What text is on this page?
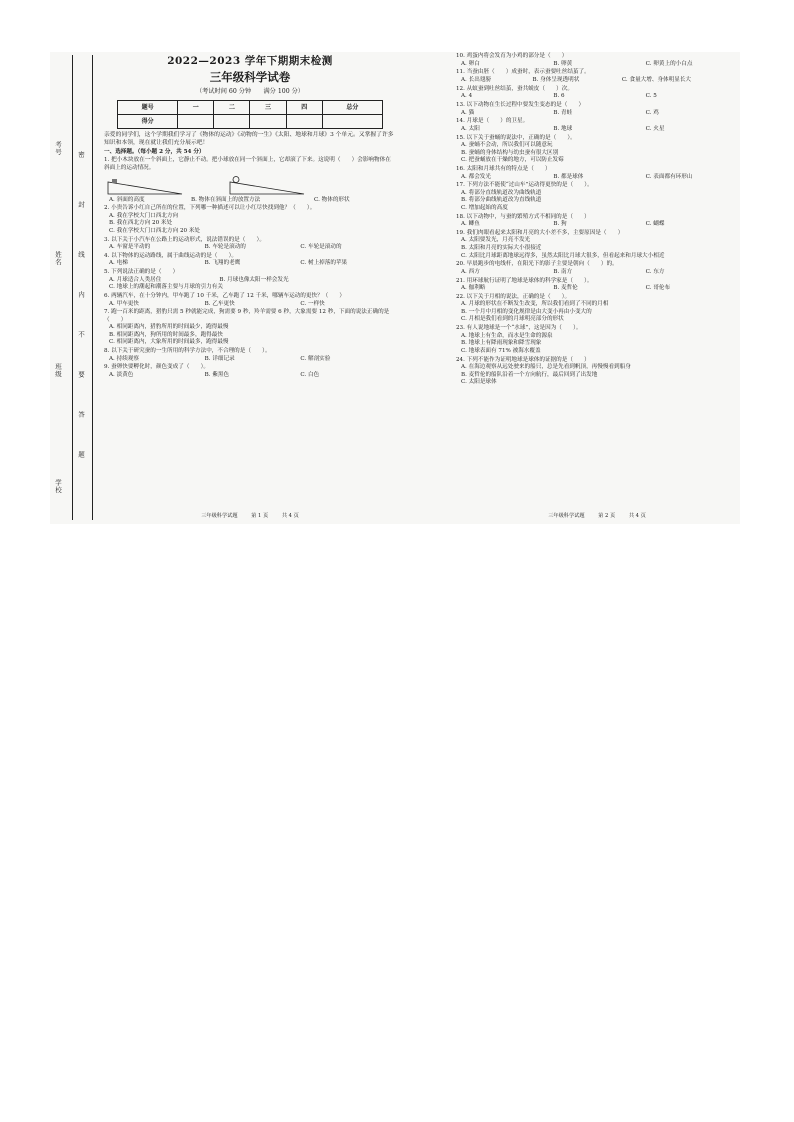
考号
姓名
班级
学校
密
封
线
内
不
要
答
题

2022—2023 学年下期期末检测

三年级科学试卷

（考试时间 60 分钟　　满分 100 分）

题号	一	二	三	四	总分
得分					

亲爱的同学们，这个学期我们学习了《物体的运动》《动物的一生》《太阳、地球和月球》3 个单元。又掌握了许多知识和本领，现在就让我们充分展示吧！

一、选择题。（每小题 2 分，共 54 分）

1. 把小木块放在一个斜面上，它静止不动。把小球放在同一个斜面上，它却滚了下来。这说明（　　）会影响物体在斜面上的运动情况。

A. 斜面的高度	B. 物体在斜面上的放置方法	C. 物体的形状

2. 小贵告诉小红自己所在的位置，下列哪一种描述可以让小红尽快找到他？（　　）。

A. 我在学校大门口西北方向

B. 我在西北方向 20 米处

C. 我在学校大门口西北方向 20 米处

3. 以下关于小汽车在公路上的运动形式，说法错误的是（　　）。

A. 车窗是平动的	B. 车轮是滚动的	C. 车轮是滚动的

4. 以下物体的运动路线，属于曲线运动的是（　　）。

A. 电梯	B. 飞翔的老鹰	C. 树上掉落的苹果

5. 下列说法正确的是（　　）

A. 月球适合人类居住	B. 月球也像太阳一样会发光

C. 地球上的潮起和潮落主要与月球的引力有关

6. 两辆汽车，在十分钟内，甲车跑了 10 千米，乙车跑了 12 千米，哪辆车运动的更快？（　　）

A. 甲车更快	B. 乙车更快	C. 一样快

7. 跑一百米的距离，猎豹只需 5 秒就能完成，狗需要 9 秒，羚羊需要 6 秒，大象需要 12 秒，下面的说法正确的是（　　）

A. 相同距离内，猎豹所用的时间最少，跑得最慢

B. 相同距离内，狗所用的时间最多，跑得最快

C. 相同距离内，大象所用的时间最多，跑得最慢

8. 以下关于研究蚕的一生所用的科学方法中，不合理的是（　　）。

A. 持续观察	B. 详细记录	C. 解剖实验

9. 蚕卵快要孵化时，颜色变成了（　　）。

A. 淡黄色	B. 紫黑色	C. 白色
三年级科学试题	第 1 页	共 4 页

10. 鸡蛋内将会发育为小鸡的部分是（　　）

A. 卵白	B. 卵黄	C. 卵黄上的小白点

11. 当蚕由胚（　　）成蚕时，表示蚕要吐丝结茧了。

A. 长出翅膀	B. 身体呈现透明状	C. 食量大增、身体明显长大

12. 从蚁蚕到吐丝结茧，蚕共蜕皮（　　）次。

A. 4	B. 6	C. 5

13. 以下动物在生长过程中要发生变态的是（　　）

A. 猫	B. 青蛙	C. 鸡

14. 月球是（　　）的卫星。

A. 太阳	B. 地球	C. 火星

15. 以下关于蚕蛹的说法中，正确的是（　　）。

A. 蚕蛹不会动，所以我们可以随意玩

B. 蚕蛹的身体结构与幼虫蚕有很大区别

C. 把蚕蛹放在干燥的地方，可以防止发霉

16. 太阳和月球共有的特点是（　　）

A. 都会发光	B. 都是球体	C. 表面都有环形山

17. 下列方法不能使“过山车”运动得更快的是（　　）。

A. 将部分直线轨道改为曲线轨道

B. 将部分曲线轨道改为直线轨道

C. 增加起始的高度

18. 以下动物中，与蚕的繁殖方式不相同的是（　　）

A. 鲫鱼	B. 狗	C. 蝴蝶

19. 我们肉眼看起来太阳和月亮的大小差不多，主要原因是（　　）

A. 太阳要发光，月亮不发光

B. 太阳和月亮的实际大小很接近

C. 太阳比月球距离地球远得多，虽然太阳比月球大很多，但看起来和月球大小相近

20. 早晨跑步的电线杆，在阳光下的影子主要是朝向（　　）的。

A. 西方	B. 南方	C. 东方

21. 用环球航行证明了地球是球体的科学家是（　　）。

A. 伽利略	B. 麦哲伦	C. 哥伦布

22. 以下关于月相的说法，正确的是（　　）。

A. 月球的形状在不断发生改变，所以我们看到了不同的月相

B. 一个月中月相的变化规律是由大变小再由小变大的

C. 月相是我们看到的月球明亮部分的形状

23. 有人说地球是一个“水球”，这是因为（　　）。

A. 地球上有生命，而水是生命的源泉

B. 地球上有降雨现象和降雪现象

C. 地球表面有 71% 被海水覆盖

24. 下列不能作为证明地球是球体的证据的是（　　）

A. 在海边观察从远处驶来的船只，总是先看到帆顶，再慢慢看到船身

B. 麦哲伦的船队沿着一个方向航行，最后回到了出发地

C. 太阳是球体

三年级科学试题	第 2 页	共 4 页
